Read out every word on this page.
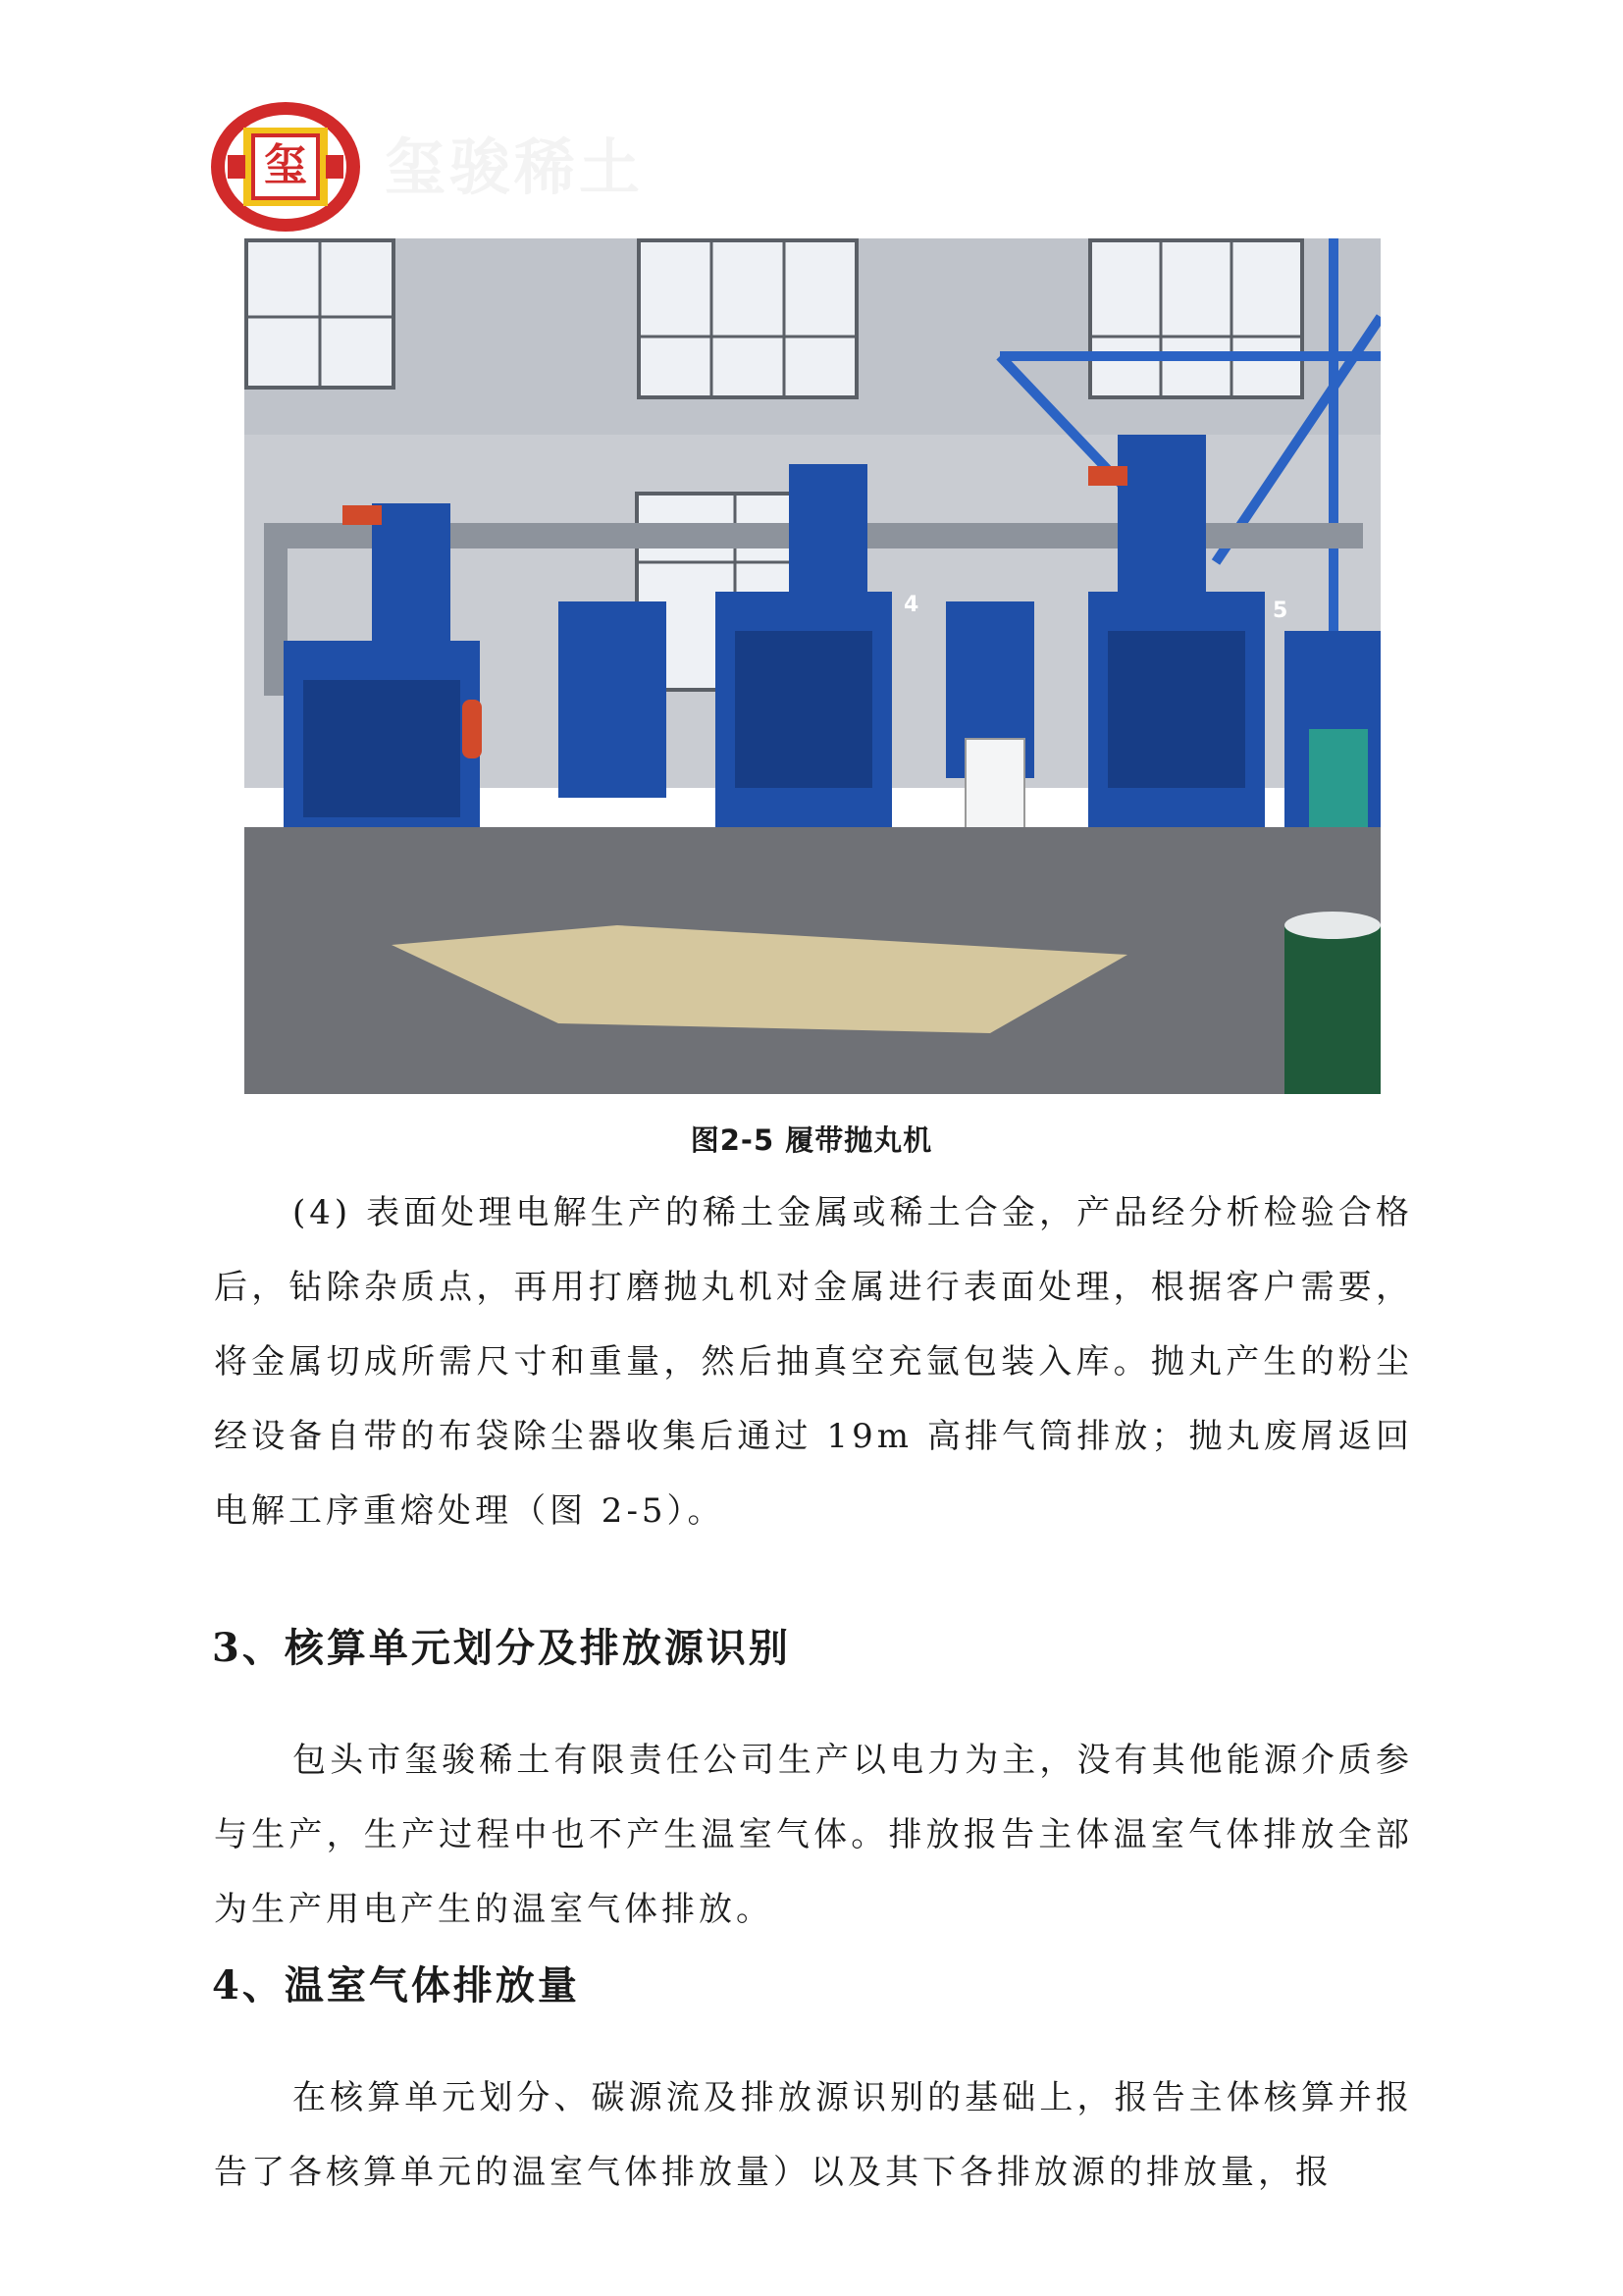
玺 玺骏稀土
4	5
图2-5 履带抛丸机

(4) 表面处理电解生产的稀土金属或稀土合金，产品经分析检验合格后，钻除杂质点，再用打磨抛丸机对金属进行表面处理，根据客户需要，将金属切成所需尺寸和重量，然后抽真空充氩包装入库。抛丸产生的粉尘经设备自带的布袋除尘器收集后通过 19m 高排气筒排放；抛丸废屑返回电解工序重熔处理（图 2-5）。

3、核算单元划分及排放源识别

包头市玺骏稀土有限责任公司生产以电力为主，没有其他能源介质参与生产，生产过程中也不产生温室气体。排放报告主体温室气体排放全部为生产用电产生的温室气体排放。

4、温室气体排放量

在核算单元划分、碳源流及排放源识别的基础上，报告主体核算并报告了各核算单元的温室气体排放量）以及其下各排放源的排放量，报
